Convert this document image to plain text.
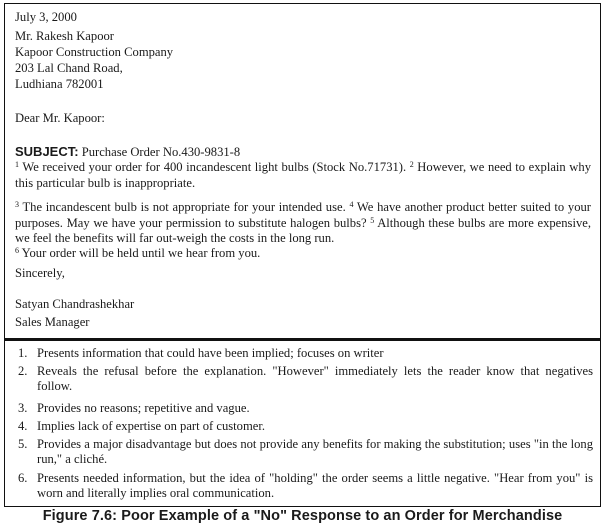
July 3, 2000
Mr. Rakesh Kapoor
Kapoor Construction Company
203 Lal Chand Road,
Ludhiana 782001
Dear Mr. Kapoor:
SUBJECT: Purchase Order No.430-9831-8
$^1$ We received your order for 400 incandescent light bulbs (Stock No.71731). $^2$ However, we need to explain why this particular bulb is inappropriate.
$^3$ The incandescent bulb is not appropriate for your intended use. $^4$ We have another product better suited to your purposes. May we have your permission to substitute halogen bulbs? $^5$ Although these bulbs are more expensive, we feel the benefits will far out-weigh the costs in the long run.
$^6$ Your order will be held until we hear from you.
Sincerely,
Satyan Chandrashekhar
Sales Manager
1. Presents information that could have been implied; focuses on writer
2. Reveals the refusal before the explanation. "However" immediately lets the reader know that negatives follow.
3. Provides no reasons; repetitive and vague.
4. Implies lack of expertise on part of customer.
5. Provides a major disadvantage but does not provide any benefits for making the substitution; uses "in the long run," a cliché.
6. Presents needed information, but the idea of "holding" the order seems a little negative. "Hear from you" is worn and literally implies oral communication.
Figure 7.6: Poor Example of a "No" Response to an Order for Merchandise
